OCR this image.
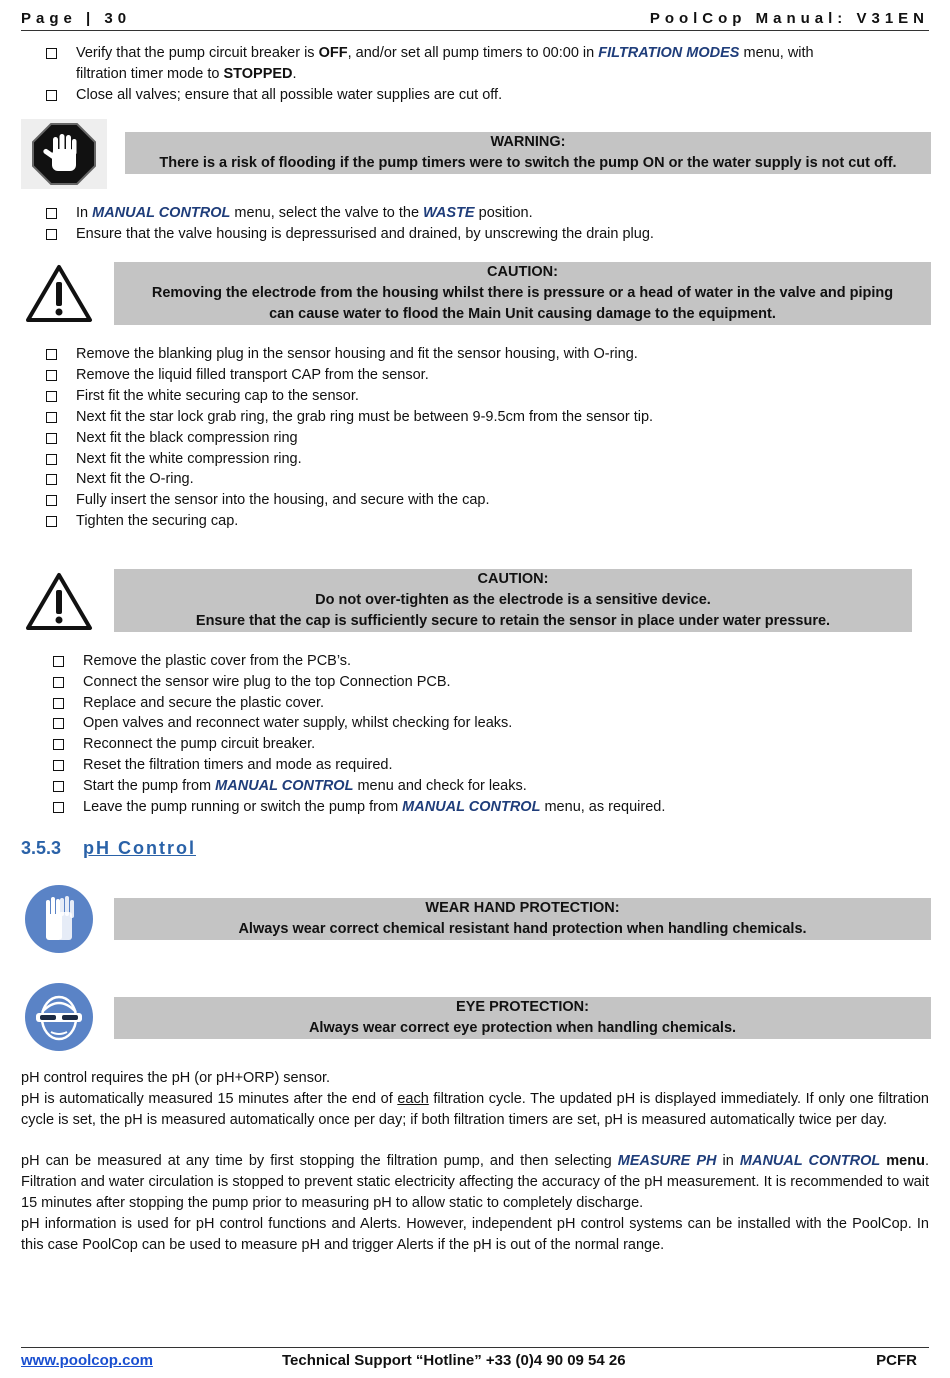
Page | 30	PoolCop Manual: V31EN
Verify that the pump circuit breaker is OFF, and/or set all pump timers to 00:00 in FILTRATION MODES menu, with
filtration timer mode to STOPPED.
Close all valves; ensure that all possible water supplies are cut off.
WARNING:
There is a risk of flooding if the pump timers were to switch the pump ON or the water supply is not cut off.
In MANUAL CONTROL menu, select the valve to the WASTE position.
Ensure that the valve housing is depressurised and drained, by unscrewing the drain plug.
CAUTION:
Removing the electrode from the housing whilst there is pressure or a head of water in the valve and piping
can cause water to flood the Main Unit causing damage to the equipment.
Remove the blanking plug in the sensor housing and fit the sensor housing, with O-ring.
Remove the liquid filled transport CAP from the sensor.
First fit the white securing cap to the sensor.
Next fit the star lock grab ring, the grab ring must be between 9-9.5cm from the sensor tip.
Next fit the black compression ring
Next fit the white compression ring.
Next fit the O-ring.
Fully insert the sensor into the housing, and secure with the cap.
Tighten the securing cap.
CAUTION:
Do not over-tighten as the electrode is a sensitive device.
Ensure that the cap is sufficiently secure to retain the sensor in place under water pressure.
Remove the plastic cover from the PCB’s.
Connect the sensor wire plug to the top Connection PCB.
Replace and secure the plastic cover.
Open valves and reconnect water supply, whilst checking for leaks.
Reconnect the pump circuit breaker.
Reset the filtration timers and mode as required.
Start the pump from MANUAL CONTROL menu and check for leaks.
Leave the pump running or switch the pump from MANUAL CONTROL menu, as required.
3.5.3 pH Control
WEAR HAND PROTECTION:
Always wear correct chemical resistant hand protection when handling chemicals.
EYE PROTECTION:
Always wear correct eye protection when handling chemicals.
pH control requires the pH (or pH+ORP) sensor.
pH is automatically measured 15 minutes after the end of each filtration cycle. The updated pH is displayed immediately. If only one filtration cycle is set, the pH is measured automatically once per day; if both filtration timers are set, pH is measured automatically twice per day.
pH can be measured at any time by first stopping the filtration pump, and then selecting MEASURE PH in MANUAL CONTROL menu. Filtration and water circulation is stopped to prevent static electricity affecting the accuracy of the pH measurement. It is recommended to wait 15 minutes after stopping the pump prior to measuring pH to allow static to completely discharge.
pH information is used for pH control functions and Alerts. However, independent pH control systems can be installed with the PoolCop. In this case PoolCop can be used to measure pH and trigger Alerts if the pH is out of the normal range.
www.poolcop.com	Technical Support “Hotline” +33 (0)4 90 09 54 26	PCFR
